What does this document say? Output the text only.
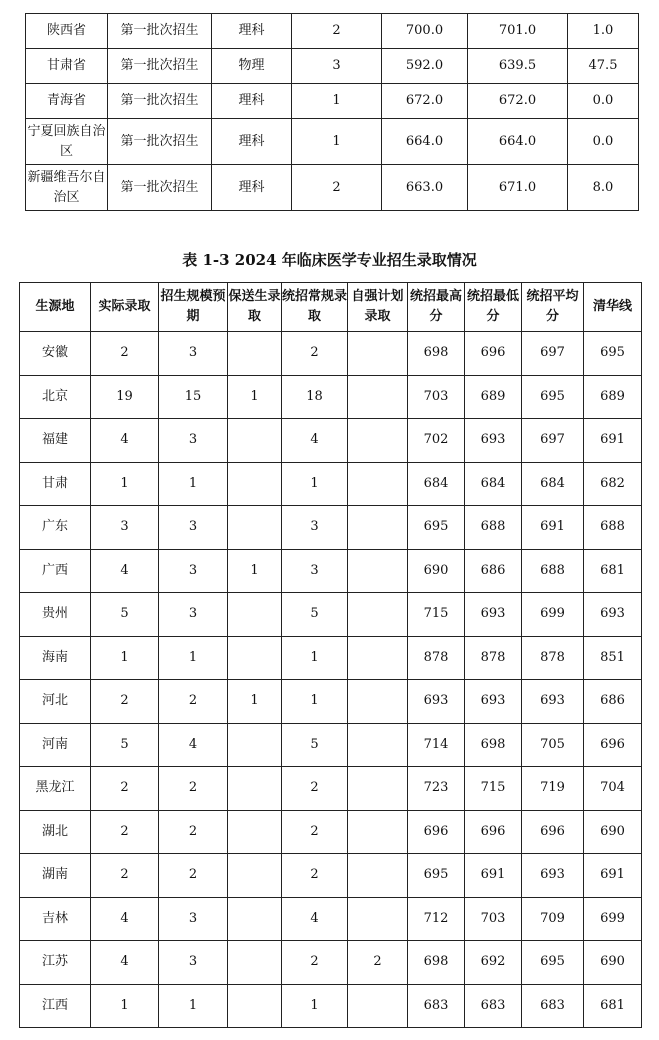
陕西省	第一批次招生	理科	2	700.0	701.0	1.0
甘肃省	第一批次招生	物理	3	592.0	639.5	47.5
青海省	第一批次招生	理科	1	672.0	672.0	0.0
宁夏回族自治区	第一批次招生	理科	1	664.0	664.0	0.0
新疆维吾尔自治区	第一批次招生	理科	2	663.0	671.0	8.0
表 1-3 2024 年临床医学专业招生录取情况
生源地	实际录取	招生规模预期	保送生录取	统招常规录取	自强计划录取	统招最高分	统招最低分	统招平均分	清华线
安徽	2	3		2		698	696	697	695
北京	19	15	1	18		703	689	695	689
福建	4	3		4		702	693	697	691
甘肃	1	1		1		684	684	684	682
广东	3	3		3		695	688	691	688
广西	4	3	1	3		690	686	688	681
贵州	5	3		5		715	693	699	693
海南	1	1		1		878	878	878	851
河北	2	2	1	1		693	693	693	686
河南	5	4		5		714	698	705	696
黑龙江	2	2		2		723	715	719	704
湖北	2	2		2		696	696	696	690
湖南	2	2		2		695	691	693	691
吉林	4	3		4		712	703	709	699
江苏	4	3		2	2	698	692	695	690
江西	1	1		1		683	683	683	681
